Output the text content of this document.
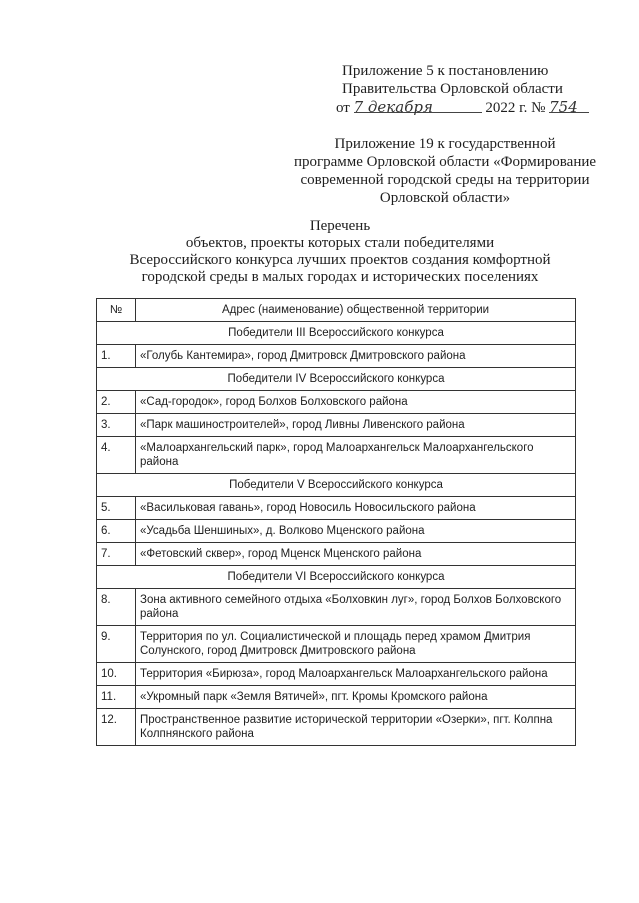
Приложение 5 к постановлению
Правительства Орловской области
от 7 декабря	2022 г. № 754
Приложение 19 к государственной
программе Орловской области «Формирование
современной городской среды на территории
Орловской области»
Перечень
объектов, проекты которых стали победителями
Всероссийского конкурса лучших проектов создания комфортной
городской среды в малых городах и исторических поселениях
№	Адрес (наименование) общественной территории
Победители III Всероссийского конкурса	
1.	«Голубь Кантемира», город Дмитровск Дмитровского района
Победители IV Всероссийского конкурса	
2.	«Сад-городок», город Болхов Болховского района
3.	«Парк машиностроителей», город Ливны Ливенского района
4.	«Малоархангельский парк», город Малоархангельск Малоархангельского района
Победители V Всероссийского конкурса	
5.	«Васильковая гавань», город Новосиль Новосильского района
6.	«Усадьба Шеншиных», д. Волково Мценского района
7.	«Фетовский сквер», город Мценск Мценского района
Победители VI Всероссийского конкурса	
8.	Зона активного семейного отдыха «Болховкин луг», город Болхов Болховского района
9.	Территория по ул. Социалистической и площадь перед храмом Дмитрия Солунского, город Дмитровск Дмитровского района
10.	Территория «Бирюза», город Малоархангельск Малоархангельского района
11.	«Укромный парк «Земля Вятичей», пгт. Кромы Кромского района
12.	Пространственное развитие исторической территории «Озерки», пгт. Колпна Колпнянского района
